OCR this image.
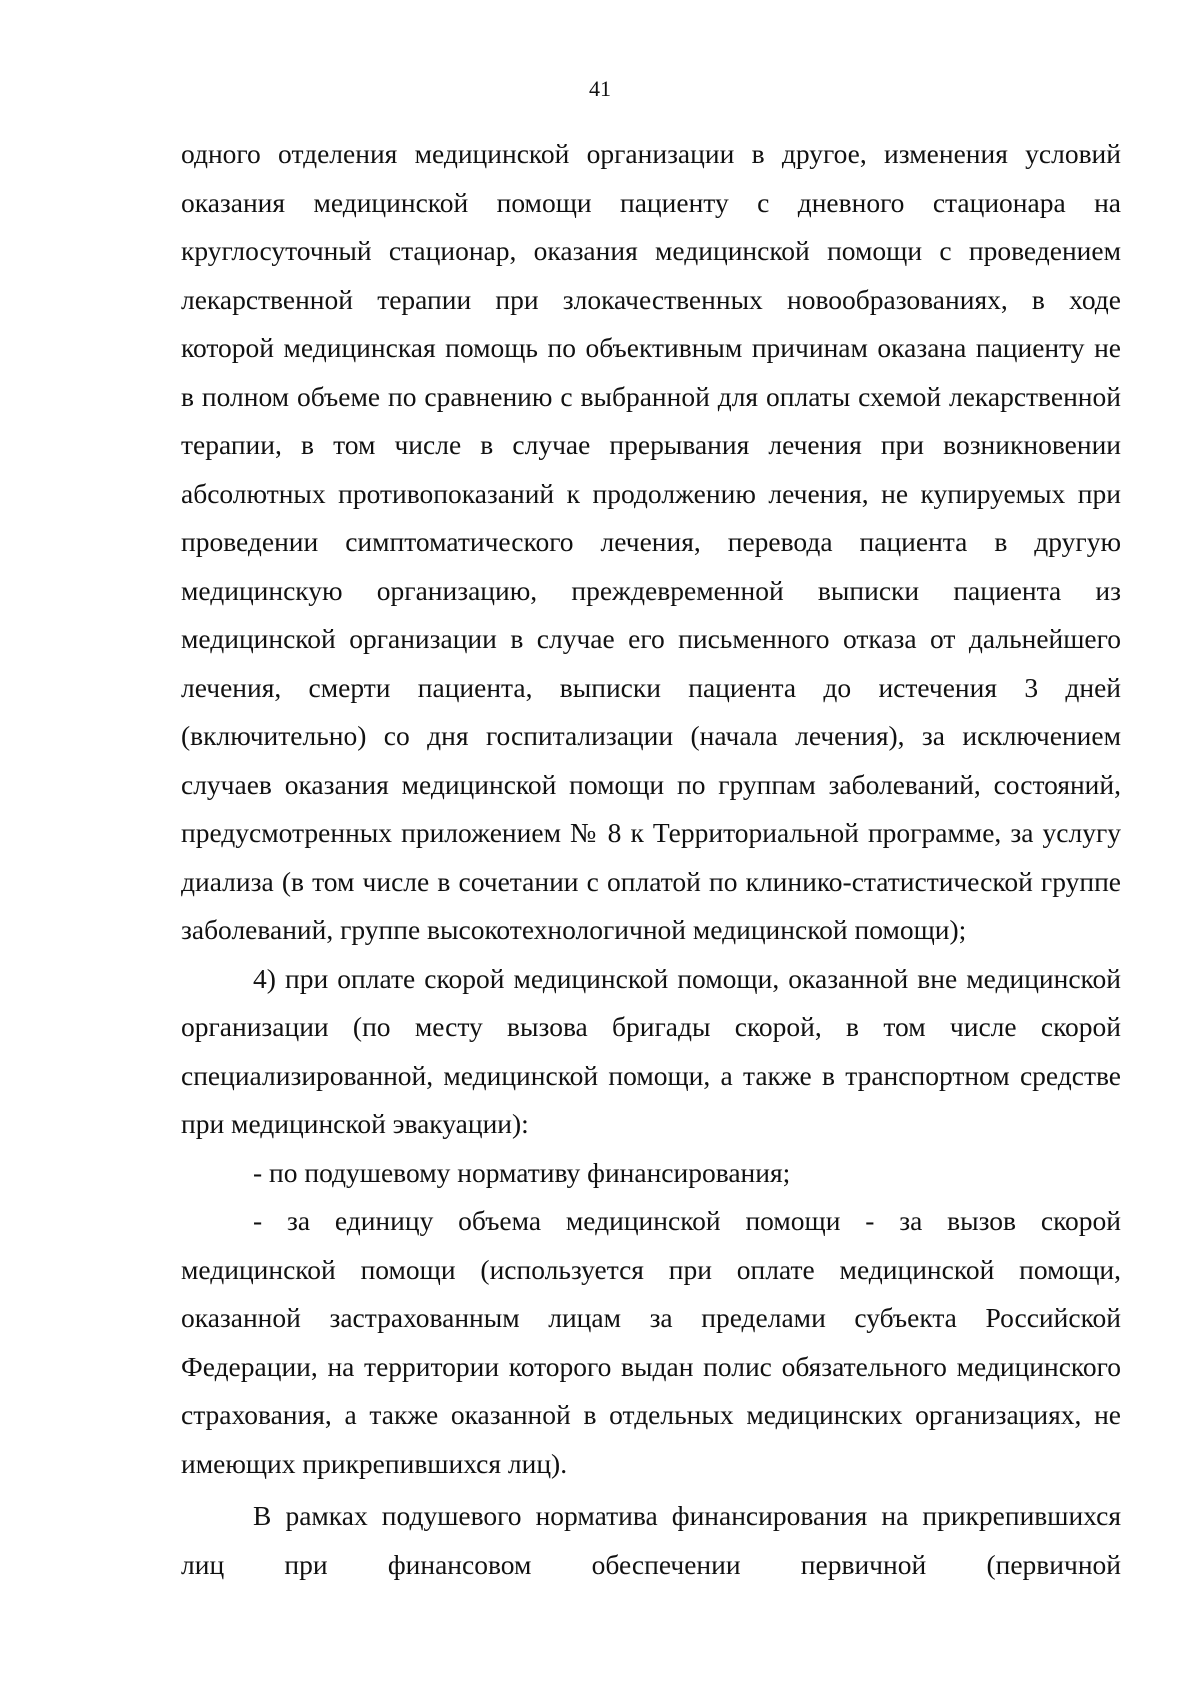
41
одного отделения медицинской организации в другое, изменения условий
оказания медицинской помощи пациенту с дневного стационара на
круглосуточный стационар, оказания медицинской помощи с проведением
лекарственной терапии при злокачественных новообразованиях, в ходе
которой медицинская помощь по объективным причинам оказана пациенту не
в полном объеме по сравнению с выбранной для оплаты схемой лекарственной
терапии, в том числе в случае прерывания лечения при возникновении
абсолютных противопоказаний к продолжению лечения, не купируемых при
проведении симптоматического лечения, перевода пациента в другую
медицинскую организацию, преждевременной выписки пациента из
медицинской организации в случае его письменного отказа от дальнейшего
лечения, смерти пациента, выписки пациента до истечения 3 дней
(включительно) со дня госпитализации (начала лечения), за исключением
случаев оказания медицинской помощи по группам заболеваний, состояний,
предусмотренных приложением № 8 к Территориальной программе, за услугу
диализа (в том числе в сочетании с оплатой по клинико-статистической группе
заболеваний, группе высокотехнологичной медицинской помощи);
4) при оплате скорой медицинской помощи, оказанной вне медицинской
организации (по месту вызова бригады скорой, в том числе скорой
специализированной, медицинской помощи, а также в транспортном средстве
при медицинской эвакуации):
- по подушевому нормативу финансирования;
- за единицу объема медицинской помощи - за вызов скорой
медицинской помощи (используется при оплате медицинской помощи,
оказанной застрахованным лицам за пределами субъекта Российской
Федерации, на территории которого выдан полис обязательного медицинского
страхования, а также оказанной в отдельных медицинских организациях, не
имеющих прикрепившихся лиц).
В рамках подушевого норматива финансирования на прикрепившихся
лиц при финансовом обеспечении первичной (первичной
